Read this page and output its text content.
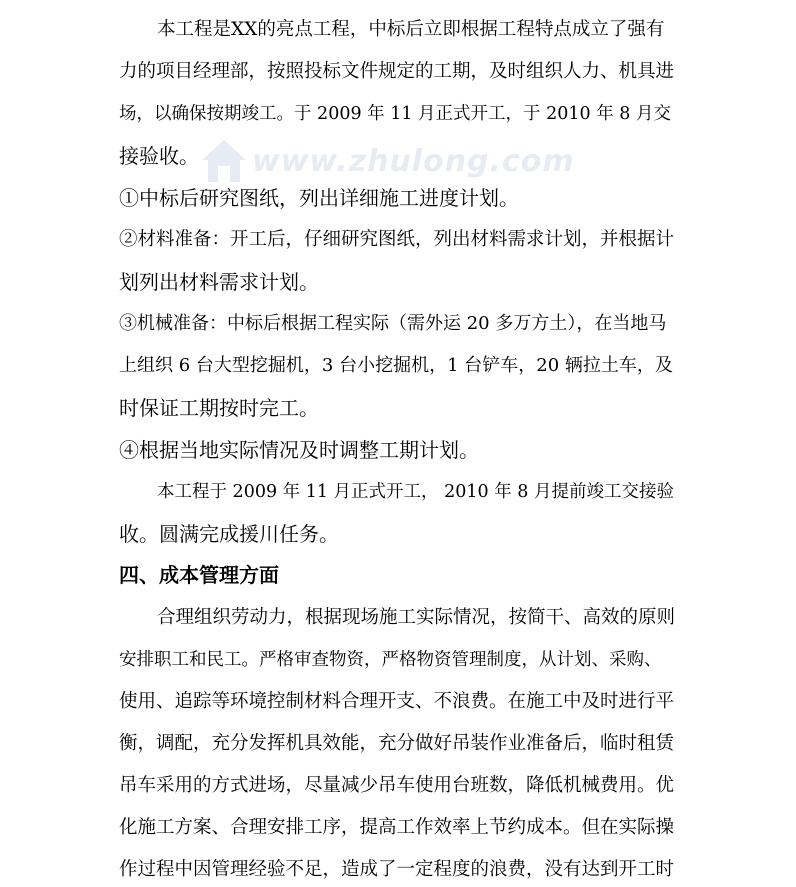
www.zhulong.com
本工程是XX的亮点工程，中标后立即根据工程特点成立了强有
力的项目经理部，按照投标文件规定的工期，及时组织人力、机具进
场，以确保按期竣工。于 2009 年 11 月正式开工，于 2010 年 8 月交
接验收。
①中标后研究图纸，列出详细施工进度计划。
②材料准备：开工后，仔细研究图纸，列出材料需求计划，并根据计
划列出材料需求计划。
③机械准备：中标后根据工程实际（需外运 20 多万方土），在当地马
上组织 6 台大型挖掘机，3 台小挖掘机，1 台铲车，20 辆拉土车，及
时保证工期按时完工。
④根据当地实际情况及时调整工期计划。
本工程于 2009 年 11 月正式开工， 2010 年 8 月提前竣工交接验
收。圆满完成援川任务。
四、成本管理方面
合理组织劳动力，根据现场施工实际情况，按简干、高效的原则
安排职工和民工。严格审查物资，严格物资管理制度，从计划、采购、
使用、追踪等环境控制材料合理开支、不浪费。在施工中及时进行平
衡，调配，充分发挥机具效能，充分做好吊装作业准备后，临时租赁
吊车采用的方式进场，尽量减少吊车使用台班数，降低机械费用。优
化施工方案、合理安排工序，提高工作效率上节约成本。但在实际操
作过程中因管理经验不足，造成了一定程度的浪费，没有达到开工时
